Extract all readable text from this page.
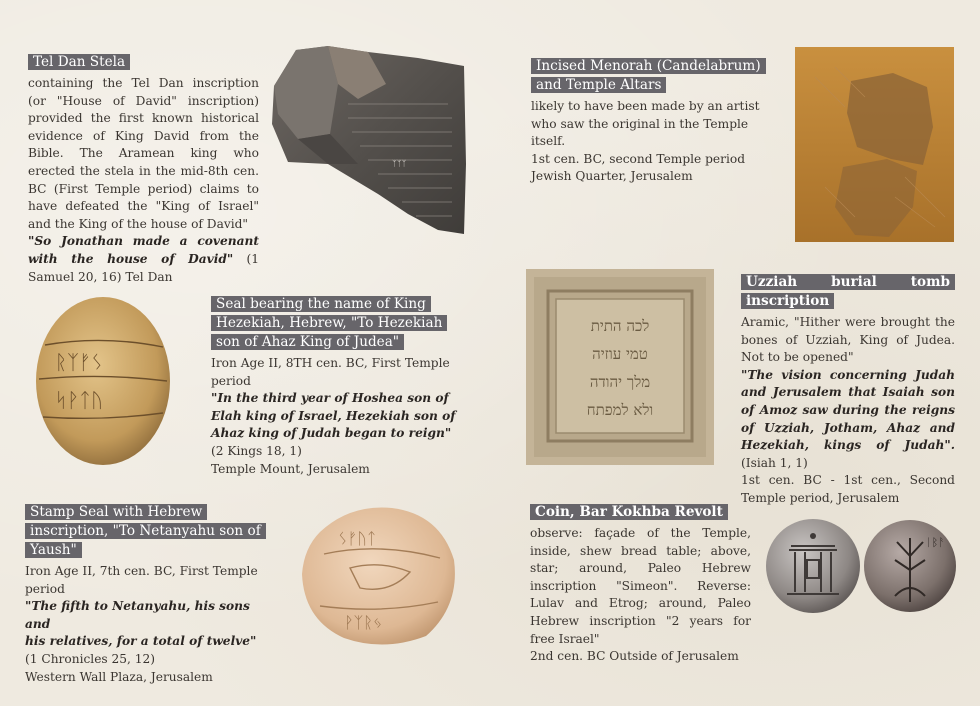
Tel Dan Stela
containing the Tel Dan inscription (or "House of David" inscription) provided the first known historical evidence of King David from the Bible. The Aramean king who erected the stela in the mid-8th cen. BC (First Temple period) claims to have defeated the "King of Israel" and the King of the house of David"
"So Jonathan made a covenant with the house of David" (1 Samuel 20, 16) Tel Dan
ᛉᛉᛉ
Incised Menorah (Candelabrum) and Temple Altars
likely to have been made by an artist who saw the original in the Temple itself.
1st cen. BC, second Temple period
Jewish Quarter, Jerusalem
ᚱᛉᚠᛊ
ᛋᚹᛏᚢ
Seal bearing the name of King Hezekiah, Hebrew, "To Hezekiah son of Ahaz King of Judea"
Iron Age II, 8TH cen. BC, First Temple period
"In the third year of Hoshea son of Elah king of Israel, Hezekiah son of Ahaz king of Judah began to reign" (2 Kings 18, 1)
Temple Mount, Jerusalem
לכה התית
טמי עוזיה
מלך יהודה
ולא למפתח
Uzziah burial tomb inscription
Aramic, "Hither were brought the bones of Uzziah, King of Judea. Not to be opened"
"The vision concerning Judah and Jerusalem that Isaiah son of Amoz saw during the reigns of Uzziah, Jotham, Ahaz and Hezekiah, kings of Judah". (Isiah 1, 1)
1st cen. BC - 1st cen., Second Temple period, Jerusalem
Stamp Seal with Hebrew inscription, "To Netanyahu son of Yaush"
Iron Age II, 7th cen. BC, First Temple period
"The fifth to Netanyahu, his sons and
his relatives, for a total of twelve"
(1 Chronicles 25, 12)
Western Wall Plaza, Jerusalem
ᛊᚠᚢᛏ
ᚹᛉᚱᛃ
Coin, Bar Kokhba Revolt
observe: façade of the Temple, inside, shew bread table; above, star; around, Paleo Hebrew inscription "Simeon". Reverse: Lulav and Etrog; around, Paleo Hebrew inscription "2 years for free Israel"
2nd cen. BC Outside of Jerusalem
ᛁᛒᚨ
